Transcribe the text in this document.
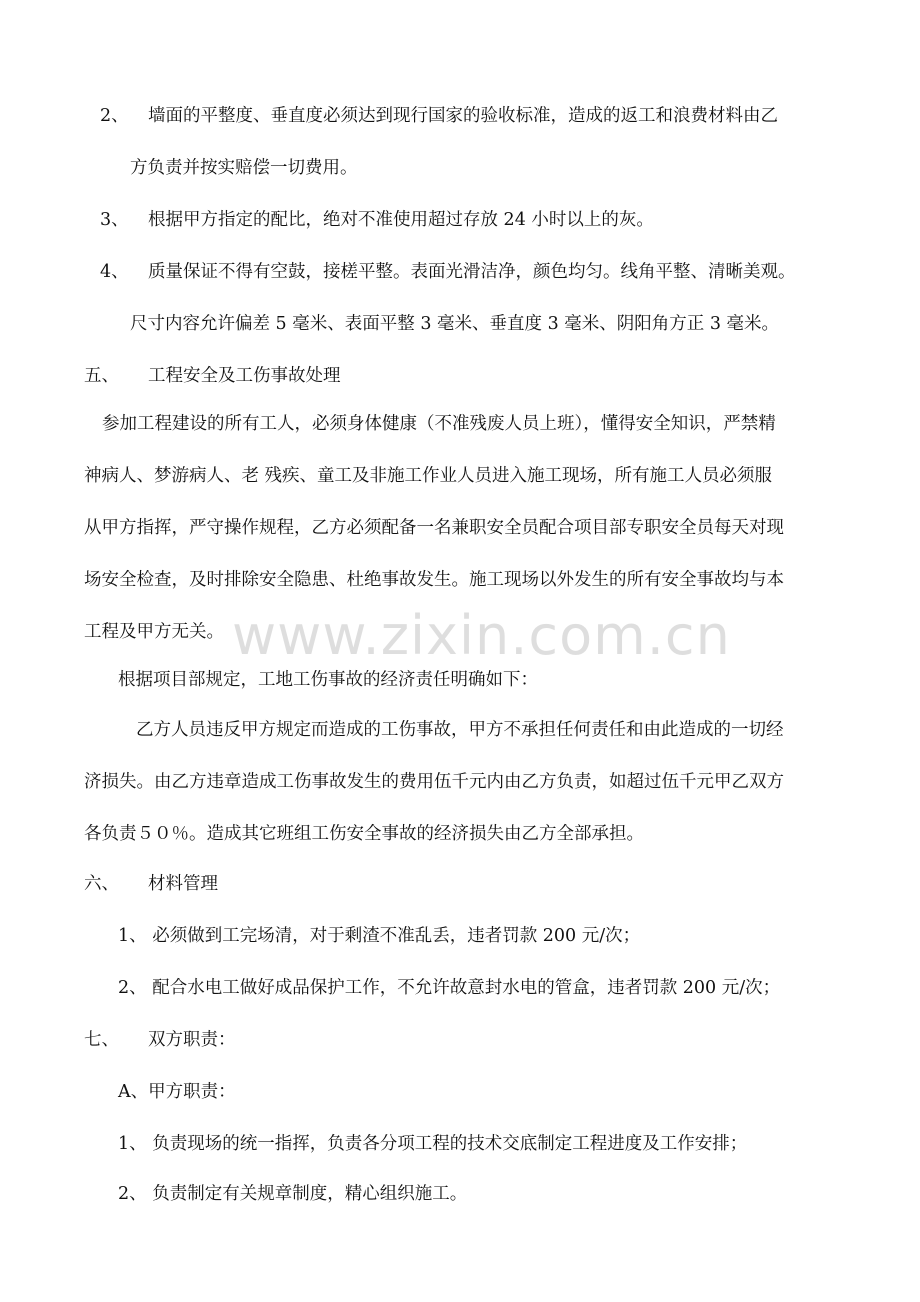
2、 墙面的平整度、垂直度必须达到现行国家的验收标准，造成的返工和浪费材料由乙
方负责并按实赔偿一切费用。
3、 根据甲方指定的配比，绝对不准使用超过存放 24 小时以上的灰。
4、 质量保证不得有空鼓，接槎平整。表面光滑洁净，颜色均匀。线角平整、清晰美观。
尺寸内容允许偏差 5 毫米、表面平整 3 毫米、垂直度 3 毫米、阴阳角方正 3 毫米。
五、 工程安全及工伤事故处理
参加工程建设的所有工人，必须身体健康（不准残废人员上班），懂得安全知识，严禁精
神病人、梦游病人、老 残疾、童工及非施工作业人员进入施工现场，所有施工人员必须服
从甲方指挥，严守操作规程，乙方必须配备一名兼职安全员配合项目部专职安全员每天对现
场安全检查，及时排除安全隐患、杜绝事故发生。施工现场以外发生的所有安全事故均与本
工程及甲方无关。
根据项目部规定，工地工伤事故的经济责任明确如下：
乙方人员违反甲方规定而造成的工伤事故，甲方不承担任何责任和由此造成的一切经
济损失。由乙方违章造成工伤事故发生的费用伍千元内由乙方负责，如超过伍千元甲乙双方
各负责５０％。造成其它班组工伤安全事故的经济损失由乙方全部承担。
六、 材料管理
1、 必须做到工完场清，对于剩渣不准乱丢，违者罚款 200 元/次；
2、 配合水电工做好成品保护工作，不允许故意封水电的管盒，违者罚款 200 元/次；
七、 双方职责：
A、甲方职责：
1、 负责现场的统一指挥，负责各分项工程的技术交底制定工程进度及工作安排；
2、 负责制定有关规章制度，精心组织施工。
www.zixin.com.cn
